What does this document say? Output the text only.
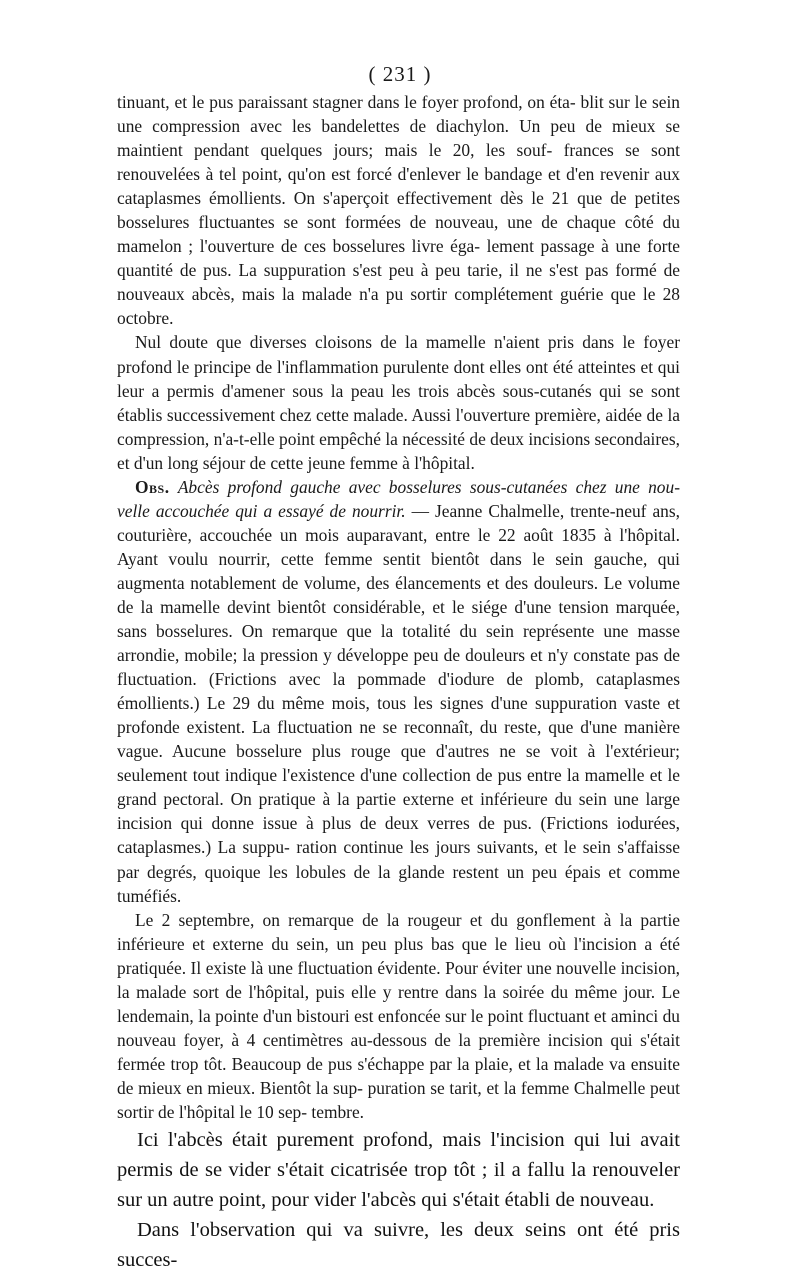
( 231 )

tinuant, et le pus paraissant stagner dans le foyer profond, on éta- blit sur le sein une compression avec les bandelettes de diachylon. Un peu de mieux se maintient pendant quelques jours; mais le 20, les souf- frances se sont renouvelées à tel point, qu'on est forcé d'enlever le bandage et d'en revenir aux cataplasmes émollients. On s'aperçoit effectivement dès le 21 que de petites bosselures fluctuantes se sont formées de nouveau, une de chaque côté du mamelon ; l'ouverture de ces bosselures livre éga- lement passage à une forte quantité de pus. La suppuration s'est peu à peu tarie, il ne s'est pas formé de nouveaux abcès, mais la malade n'a pu sortir complétement guérie que le 28 octobre.

Nul doute que diverses cloisons de la mamelle n'aient pris dans le foyer profond le principe de l'inflammation purulente dont elles ont été atteintes et qui leur a permis d'amener sous la peau les trois abcès sous-cutanés qui se sont établis successivement chez cette malade. Aussi l'ouverture première, aidée de la compression, n'a-t-elle point empêché la nécessité de deux incisions secondaires, et d'un long séjour de cette jeune femme à l'hôpital.

Obs. Abcès profond gauche avec bosselures sous-cutanées chez une nou- velle accouchée qui a essayé de nourrir. — Jeanne Chalmelle, trente-neuf ans, couturière, accouchée un mois auparavant, entre le 22 août 1835 à l'hôpital. Ayant voulu nourrir, cette femme sentit bientôt dans le sein gauche, qui augmenta notablement de volume, des élancements et des douleurs. Le volume de la mamelle devint bientôt considérable, et le siége d'une tension marquée, sans bosselures. On remarque que la totalité du sein représente une masse arrondie, mobile; la pression y développe peu de douleurs et n'y constate pas de fluctuation. (Frictions avec la pommade d'iodure de plomb, cataplasmes émollients.) Le 29 du même mois, tous les signes d'une suppuration vaste et profonde existent. La fluctuation ne se reconnaît, du reste, que d'une manière vague. Aucune bosselure plus rouge que d'autres ne se voit à l'extérieur; seulement tout indique l'existence d'une collection de pus entre la mamelle et le grand pectoral. On pratique à la partie externe et inférieure du sein une large incision qui donne issue à plus de deux verres de pus. (Frictions iodurées, cataplasmes.) La suppu- ration continue les jours suivants, et le sein s'affaisse par degrés, quoique les lobules de la glande restent un peu épais et comme tuméfiés.

Le 2 septembre, on remarque de la rougeur et du gonflement à la partie inférieure et externe du sein, un peu plus bas que le lieu où l'incision a été pratiquée. Il existe là une fluctuation évidente. Pour éviter une nouvelle incision, la malade sort de l'hôpital, puis elle y rentre dans la soirée du même jour. Le lendemain, la pointe d'un bistouri est enfoncée sur le point fluctuant et aminci du nouveau foyer, à 4 centimètres au-dessous de la première incision qui s'était fermée trop tôt. Beaucoup de pus s'échappe par la plaie, et la malade va ensuite de mieux en mieux. Bientôt la sup- puration se tarit, et la femme Chalmelle peut sortir de l'hôpital le 10 sep- tembre.

Ici l'abcès était purement profond, mais l'incision qui lui avait permis de se vider s'était cicatrisée trop tôt ; il a fallu la renouveler sur un autre point, pour vider l'abcès qui s'était établi de nouveau.

Dans l'observation qui va suivre, les deux seins ont été pris succes-
